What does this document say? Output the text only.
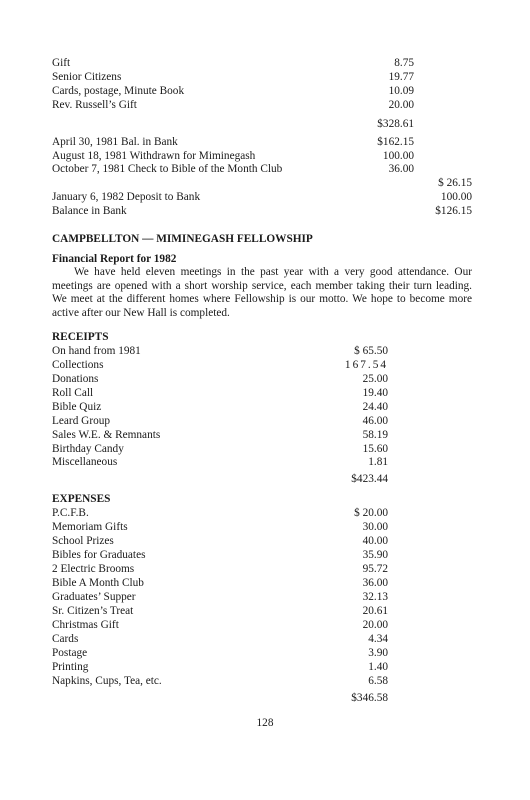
Gift	8.75
Senior Citizens	19.77
Cards, postage, Minute Book	10.09
Rev. Russell’s Gift	20.00
$328.61
April 30, 1981 Bal. in Bank	$162.15
August 18, 1981 Withdrawn for Miminegash	100.00
October 7, 1981 Check to Bible of the Month Club	36.00
$ 26.15
January 6, 1982 Deposit to Bank	100.00
Balance in Bank	$126.15
CAMPBELLTON — MIMINEGASH FELLOWSHIP
Financial Report for 1982

We have held eleven meetings in the past year with a very good attendance. Our meetings are opened with a short worship service, each member taking their turn leading. We meet at the different homes where Fellowship is our motto. We hope to become more active after our New Hall is completed.

RECEIPTS
On hand from 1981	$ 65.50
Collections	167.54
Donations	25.00
Roll Call	19.40
Bible Quiz	24.40
Leard Group	46.00
Sales W.E. & Remnants	58.19
Birthday Candy	15.60
Miscellaneous	1.81
$423.44
EXPENSES
P.C.F.B.	$ 20.00
Memoriam Gifts	30.00
School Prizes	40.00
Bibles for Graduates	35.90
2 Electric Brooms	95.72
Bible A Month Club	36.00
Graduates’ Supper	32.13
Sr. Citizen’s Treat	20.61
Christmas Gift	20.00
Cards	4.34
Postage	3.90
Printing	1.40
Napkins, Cups, Tea, etc.	6.58
$346.58
128
